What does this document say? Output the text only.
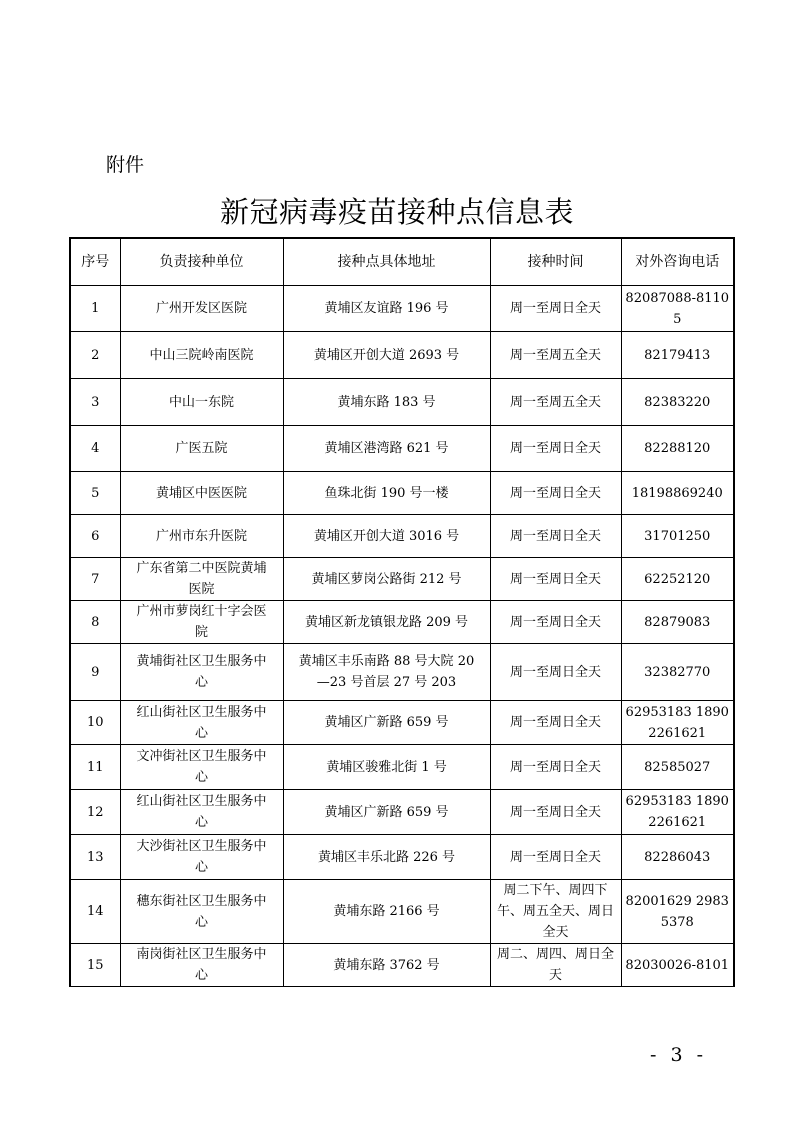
附件
新冠病毒疫苗接种点信息表
序号	负责接种单位	接种点具体地址	接种时间	对外咨询电话
1	广州开发区医院	黄埔区友谊路 196 号	周一至周日全天	82087088-81105
2	中山三院岭南医院	黄埔区开创大道 2693 号	周一至周五全天	82179413
3	中山一东院	黄埔东路 183 号	周一至周五全天	82383220
4	广医五院	黄埔区港湾路 621 号	周一至周日全天	82288120
5	黄埔区中医医院	鱼珠北街 190 号一楼	周一至周日全天	18198869240
6	广州市东升医院	黄埔区开创大道 3016 号	周一至周日全天	31701250
7	广东省第二中医院黄埔医院	黄埔区萝岗公路街 212 号	周一至周日全天	62252120
8	广州市萝岗红十字会医院	黄埔区新龙镇银龙路 209 号	周一至周日全天	82879083
9	黄埔街社区卫生服务中心	黄埔区丰乐南路 88 号大院 20—23 号首层 27 号 203	周一至周日全天	32382770
10	红山街社区卫生服务中心	黄埔区广新路 659 号	周一至周日全天	62953183 18902261621
11	文冲街社区卫生服务中心	黄埔区骏雅北街 1 号	周一至周日全天	82585027
12	红山街社区卫生服务中心	黄埔区广新路 659 号	周一至周日全天	62953183 18902261621
13	大沙街社区卫生服务中心	黄埔区丰乐北路 226 号	周一至周日全天	82286043
14	穗东街社区卫生服务中心	黄埔东路 2166 号	周二下午、周四下午、周五全天、周日全天	82001629 29835378
15	南岗街社区卫生服务中心	黄埔东路 3762 号	周二、周四、周日全天	82030026-8101
- 3 -
